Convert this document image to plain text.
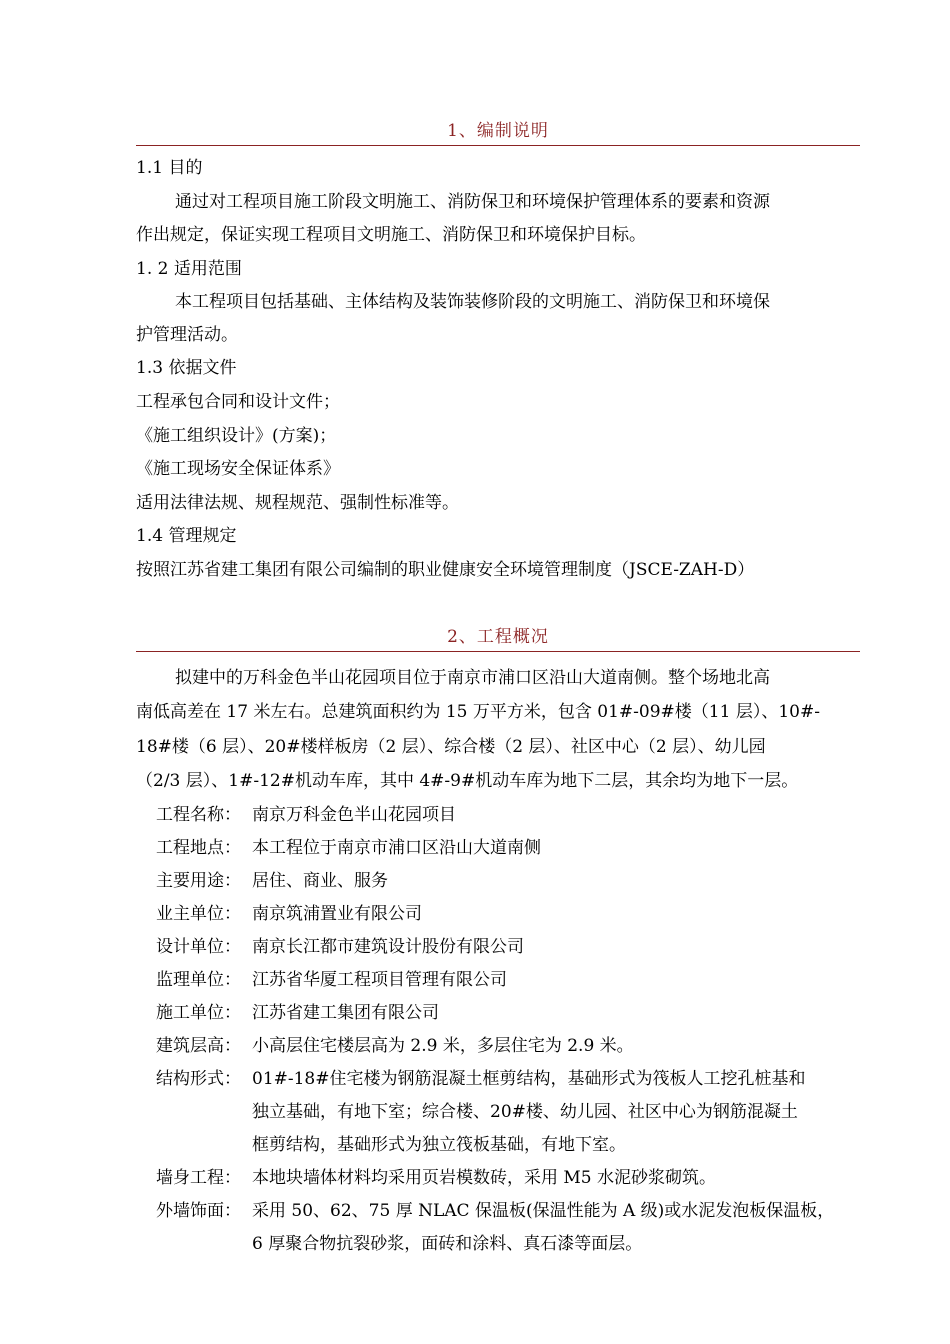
1、编制说明
1.1 目的
通过对工程项目施工阶段文明施工、消防保卫和环境保护管理体系的要素和资源
作出规定，保证实现工程项目文明施工、消防保卫和环境保护目标。
1. 2 适用范围
本工程项目包括基础、主体结构及装饰装修阶段的文明施工、消防保卫和环境保
护管理活动。
1.3 依据文件
工程承包合同和设计文件；
《施工组织设计》(方案)；
《施工现场安全保证体系》
适用法律法规、规程规范、强制性标准等。
1.4 管理规定
按照江苏省建工集团有限公司编制的职业健康安全环境管理制度（JSCE-ZAH-D）
2、工程概况
拟建中的万科金色半山花园项目位于南京市浦口区沿山大道南侧。整个场地北高
南低高差在 17 米左右。总建筑面积约为 15 万平方米，包含 01#-09#楼（11 层）、10#-
18#楼（6 层）、20#楼样板房（2 层）、综合楼（2 层）、社区中心（2 层）、幼儿园
（2/3 层）、1#-12#机动车库，其中 4#-9#机动车库为地下二层，其余均为地下一层。
工程名称： 南京万科金色半山花园项目
工程地点： 本工程位于南京市浦口区沿山大道南侧
主要用途： 居住、商业、服务
业主单位： 南京筑浦置业有限公司
设计单位： 南京长江都市建筑设计股份有限公司
监理单位： 江苏省华厦工程项目管理有限公司
施工单位： 江苏省建工集团有限公司
建筑层高： 小高层住宅楼层高为 2.9 米，多层住宅为 2.9 米。
结构形式： 01#-18#住宅楼为钢筋混凝土框剪结构，基础形式为筏板人工挖孔桩基和
独立基础，有地下室；综合楼、20#楼、幼儿园、社区中心为钢筋混凝土
框剪结构，基础形式为独立筏板基础，有地下室。
墙身工程： 本地块墙体材料均采用页岩模数砖，采用 M5 水泥砂浆砌筑。
外墙饰面： 采用 50、62、75 厚 NLAC 保温板(保温性能为 A 级)或水泥发泡板保温板，
6 厚聚合物抗裂砂浆，面砖和涂料、真石漆等面层。
